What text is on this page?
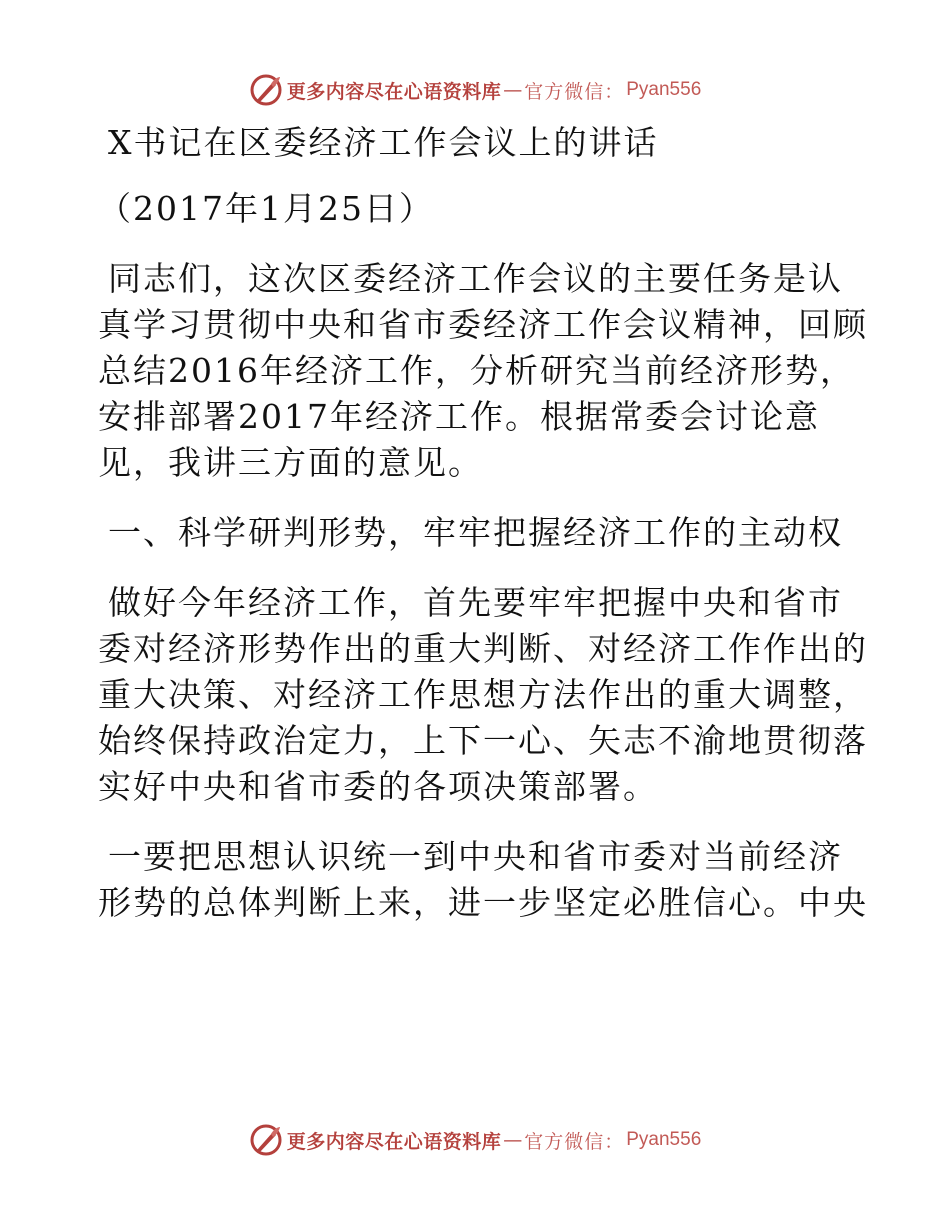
更多内容尽在心语资料库 — 官方微信： Pyan556
X书记在区委经济工作会议上的讲话
（2017年1月25日）
同志们，这次区委经济工作会议的主要任务是认
真学习贯彻中央和省市委经济工作会议精神，回顾
总结2016年经济工作，分析研究当前经济形势，
安排部署2017年经济工作。根据常委会讨论意
见，我讲三方面的意见。
一、科学研判形势，牢牢把握经济工作的主动权
做好今年经济工作，首先要牢牢把握中央和省市
委对经济形势作出的重大判断、对经济工作作出的
重大决策、对经济工作思想方法作出的重大调整，
始终保持政治定力，上下一心、矢志不渝地贯彻落
实好中央和省市委的各项决策部署。
一要把思想认识统一到中央和省市委对当前经济
形势的总体判断上来，进一步坚定必胜信心。中央
更多内容尽在心语资料库 — 官方微信： Pyan556
